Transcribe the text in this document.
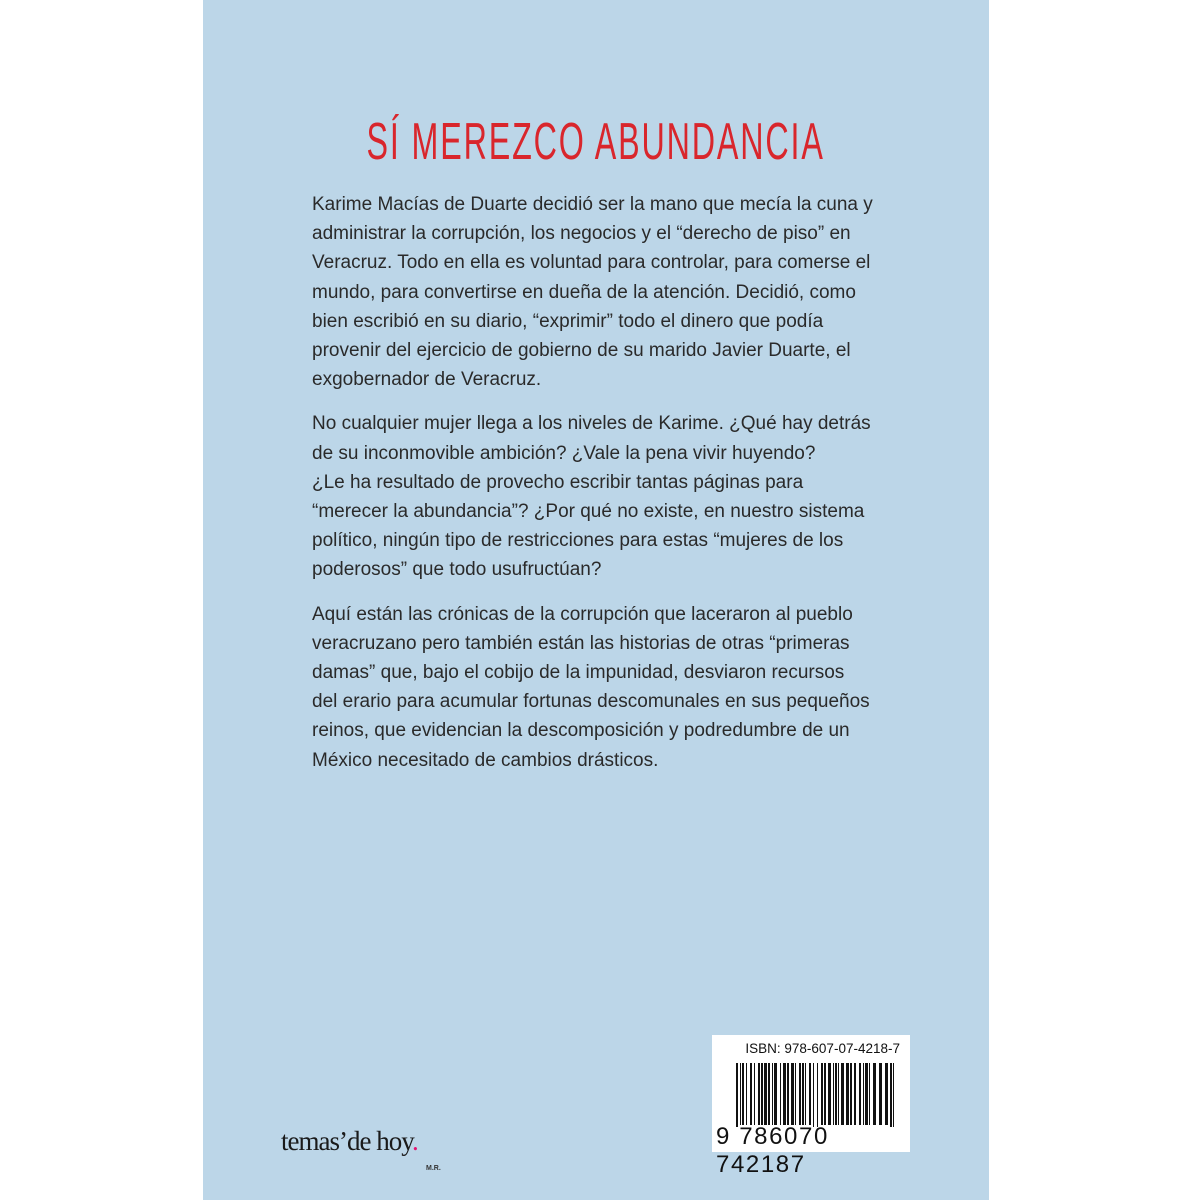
SÍ MEREZCO ABUNDANCIA
Karime Macías de Duarte decidió ser la mano que mecía la cuna y
administrar la corrupción, los negocios y el “derecho de piso” en
Veracruz. Todo en ella es voluntad para controlar, para comerse el
mundo, para convertirse en dueña de la atención. Decidió, como
bien escribió en su diario, “exprimir” todo el dinero que podía
provenir del ejercicio de gobierno de su marido Javier Duarte, el
exgobernador de Veracruz.
No cualquier mujer llega a los niveles de Karime. ¿Qué hay detrás
de su inconmovible ambición? ¿Vale la pena vivir huyendo?
¿Le ha resultado de provecho escribir tantas páginas para
“merecer la abundancia”? ¿Por qué no existe, en nuestro sistema
político, ningún tipo de restricciones para estas “mujeres de los
poderosos” que todo usufructúan?
Aquí están las crónicas de la corrupción que laceraron al pueblo
veracruzano pero también están las historias de otras “primeras
damas” que, bajo el cobijo de la impunidad, desviaron recursos
del erario para acumular fortunas descomunales en sus pequeños
reinos, que evidencian la descomposición y podredumbre de un
México necesitado de cambios drásticos.
ISBN: 978-607-07-4218-7
9 786070 742187
temas’de hoy.
M.R.
